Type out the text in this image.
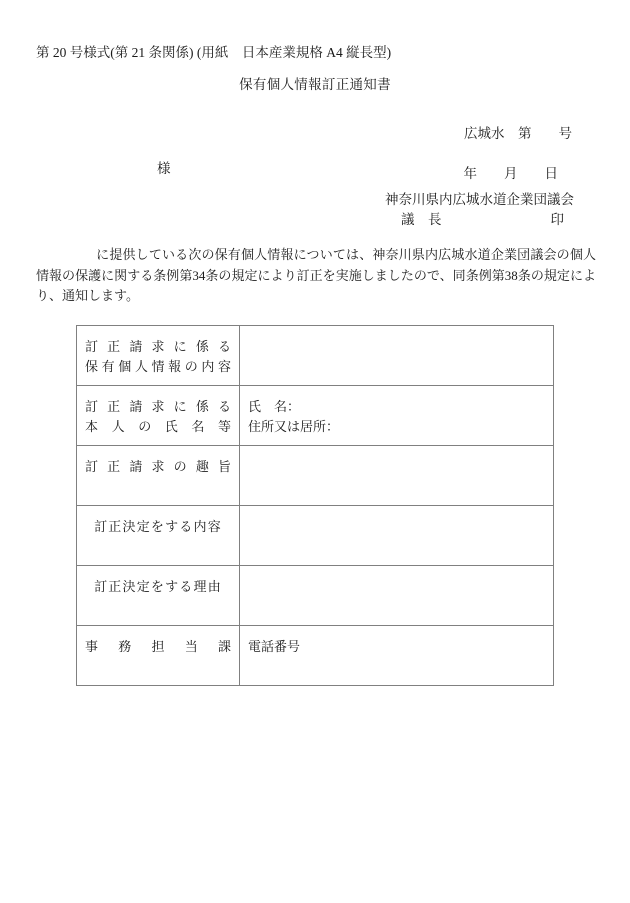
第 20 号様式(第 21 条関係) (用紙　日本産業規格 A4 縦長型)
保有個人情報訂正通知書

広城水　第　　号

年　　月　　日

様
神奈川県内広城水道企業団議会
議　長	印
に提供している次の保有個人情報については、神奈川県内広城水道企業団議会の個人情報の保護に関する条例第34条の規定により訂正を実施しましたので、同条例第38条の規定により、通知します。
訂正請求に係る
保有個人情報の内容	

訂正請求に係る
本人の氏名等	氏　名：
住所又は居所：

訂正請求の趣旨	

訂正決定をする内容	

訂正決定をする理由	

事務担当課	電話番号
